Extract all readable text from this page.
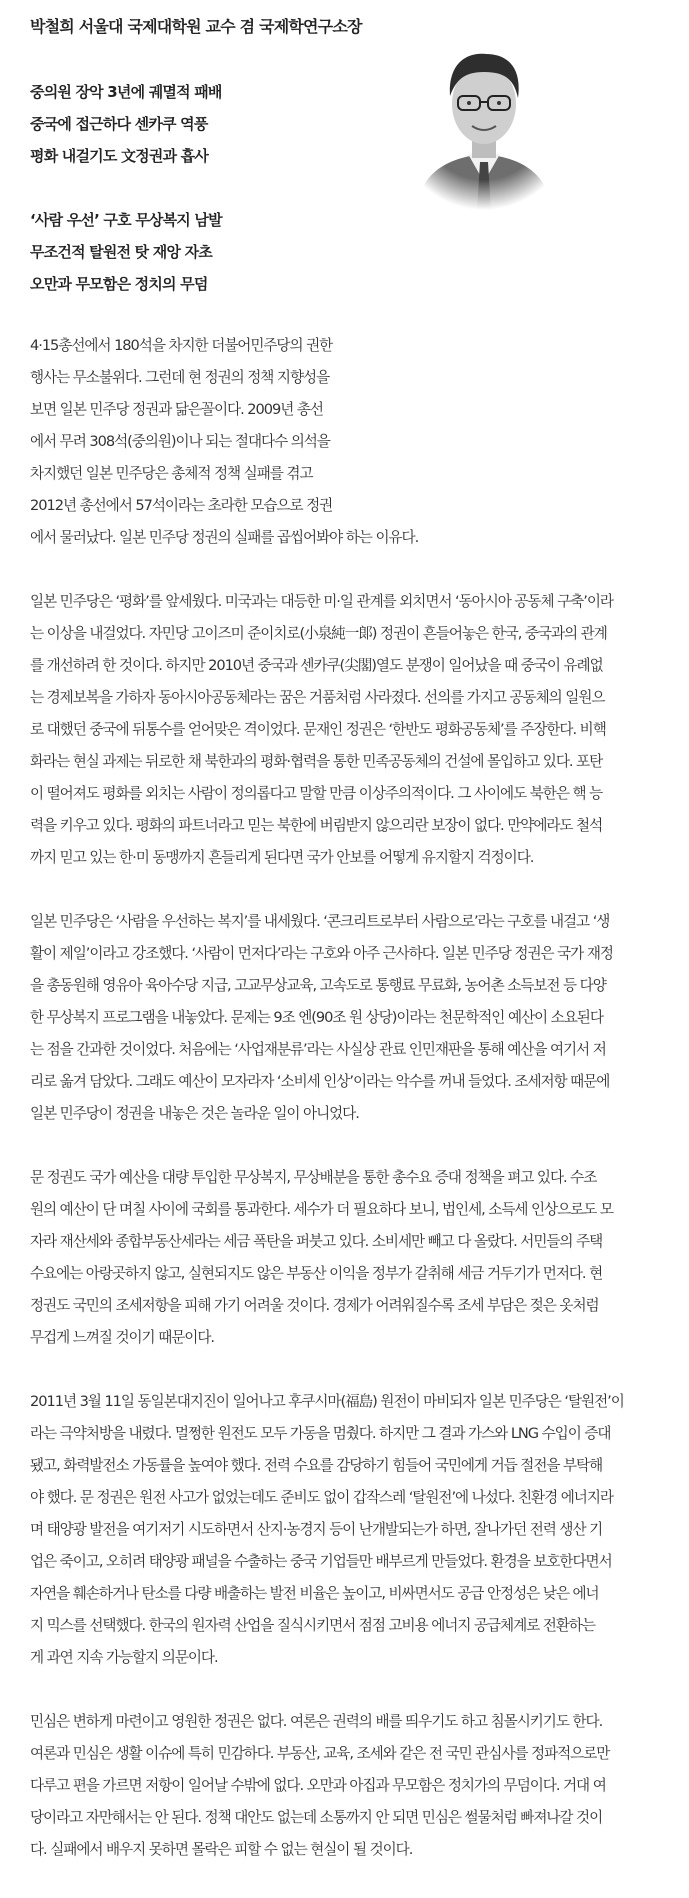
박철희 서울대 국제대학원 교수 겸 국제학연구소장
중의원 장악 3년에 궤멸적 패배
중국에 접근하다 센카쿠 역풍
평화 내걸기도 文정권과 흡사
‘사람 우선’ 구호 무상복지 남발
무조건적 탈원전 탓 재앙 자초
오만과 무모함은 정치의 무덤

4·15총선에서 180석을 차지한 더불어민주당의 권한
행사는 무소불위다. 그런데 현 정권의 정책 지향성을
보면 일본 민주당 정권과 닮은꼴이다. 2009년 총선
에서 무려 308석(중의원)이나 되는 절대다수 의석을
차지했던 일본 민주당은 총체적 정책 실패를 겪고
2012년 총선에서 57석이라는 초라한 모습으로 정권
에서 물러났다. 일본 민주당 정권의 실패를 곱씹어봐야 하는 이유다.

일본 민주당은 ‘평화’를 앞세웠다. 미국과는 대등한 미·일 관계를 외치면서 ‘동아시아 공동체 구축’이라
는 이상을 내걸었다. 자민당 고이즈미 준이치로(小泉純一郞) 정권이 흔들어놓은 한국, 중국과의 관계
를 개선하려 한 것이다. 하지만 2010년 중국과 센카쿠(尖閣)열도 분쟁이 일어났을 때 중국이 유례없
는 경제보복을 가하자 동아시아공동체라는 꿈은 거품처럼 사라졌다. 선의를 가지고 공동체의 일원으
로 대했던 중국에 뒤통수를 얻어맞은 격이었다. 문재인 정권은 ‘한반도 평화공동체’를 주장한다. 비핵
화라는 현실 과제는 뒤로한 채 북한과의 평화·협력을 통한 민족공동체의 건설에 몰입하고 있다. 포탄
이 떨어져도 평화를 외치는 사람이 정의롭다고 말할 만큼 이상주의적이다. 그 사이에도 북한은 핵 능
력을 키우고 있다. 평화의 파트너라고 믿는 북한에 버림받지 않으리란 보장이 없다. 만약에라도 철석
까지 믿고 있는 한·미 동맹까지 흔들리게 된다면 국가 안보를 어떻게 유지할지 걱정이다.

일본 민주당은 ‘사람을 우선하는 복지’를 내세웠다. ‘콘크리트로부터 사람으로’라는 구호를 내걸고 ‘생
활이 제일’이라고 강조했다. ‘사람이 먼저다’라는 구호와 아주 근사하다. 일본 민주당 정권은 국가 재정
을 총동원해 영유아 육아수당 지급, 고교무상교육, 고속도로 통행료 무료화, 농어촌 소득보전 등 다양
한 무상복지 프로그램을 내놓았다. 문제는 9조 엔(90조 원 상당)이라는 천문학적인 예산이 소요된다
는 점을 간과한 것이었다. 처음에는 ‘사업재분류’라는 사실상 관료 인민재판을 통해 예산을 여기서 저
리로 옮겨 담았다. 그래도 예산이 모자라자 ‘소비세 인상’이라는 악수를 꺼내 들었다. 조세저항 때문에
일본 민주당이 정권을 내놓은 것은 놀라운 일이 아니었다.

문 정권도 국가 예산을 대량 투입한 무상복지, 무상배분을 통한 총수요 증대 정책을 펴고 있다. 수조
원의 예산이 단 며칠 사이에 국회를 통과한다. 세수가 더 필요하다 보니, 법인세, 소득세 인상으로도 모
자라 재산세와 종합부동산세라는 세금 폭탄을 퍼붓고 있다. 소비세만 빼고 다 올랐다. 서민들의 주택
수요에는 아랑곳하지 않고, 실현되지도 않은 부동산 이익을 정부가 갈취해 세금 거두기가 먼저다. 현
정권도 국민의 조세저항을 피해 가기 어려울 것이다. 경제가 어려워질수록 조세 부담은 젖은 옷처럼
무겁게 느껴질 것이기 때문이다.

2011년 3월 11일 동일본대지진이 일어나고 후쿠시마(福島) 원전이 마비되자 일본 민주당은 ‘탈원전’이
라는 극약처방을 내렸다. 멀쩡한 원전도 모두 가동을 멈췄다. 하지만 그 결과 가스와 LNG 수입이 증대
됐고, 화력발전소 가동률을 높여야 했다. 전력 수요를 감당하기 힘들어 국민에게 거듭 절전을 부탁해
야 했다. 문 정권은 원전 사고가 없었는데도 준비도 없이 갑작스레 ‘탈원전’에 나섰다. 친환경 에너지라
며 태양광 발전을 여기저기 시도하면서 산지·농경지 등이 난개발되는가 하면, 잘나가던 전력 생산 기
업은 죽이고, 오히려 태양광 패널을 수출하는 중국 기업들만 배부르게 만들었다. 환경을 보호한다면서
자연을 훼손하거나 탄소를 다량 배출하는 발전 비율은 높이고, 비싸면서도 공급 안정성은 낮은 에너
지 믹스를 선택했다. 한국의 원자력 산업을 질식시키면서 점점 고비용 에너지 공급체계로 전환하는
게 과연 지속 가능할지 의문이다.

민심은 변하게 마련이고 영원한 정권은 없다. 여론은 권력의 배를 띄우기도 하고 침몰시키기도 한다.
여론과 민심은 생활 이슈에 특히 민감하다. 부동산, 교육, 조세와 같은 전 국민 관심사를 정파적으로만
다루고 편을 가르면 저항이 일어날 수밖에 없다. 오만과 아집과 무모함은 정치가의 무덤이다. 거대 여
당이라고 자만해서는 안 된다. 정책 대안도 없는데 소통까지 안 되면 민심은 썰물처럼 빠져나갈 것이
다. 실패에서 배우지 못하면 몰락은 피할 수 없는 현실이 될 것이다.
